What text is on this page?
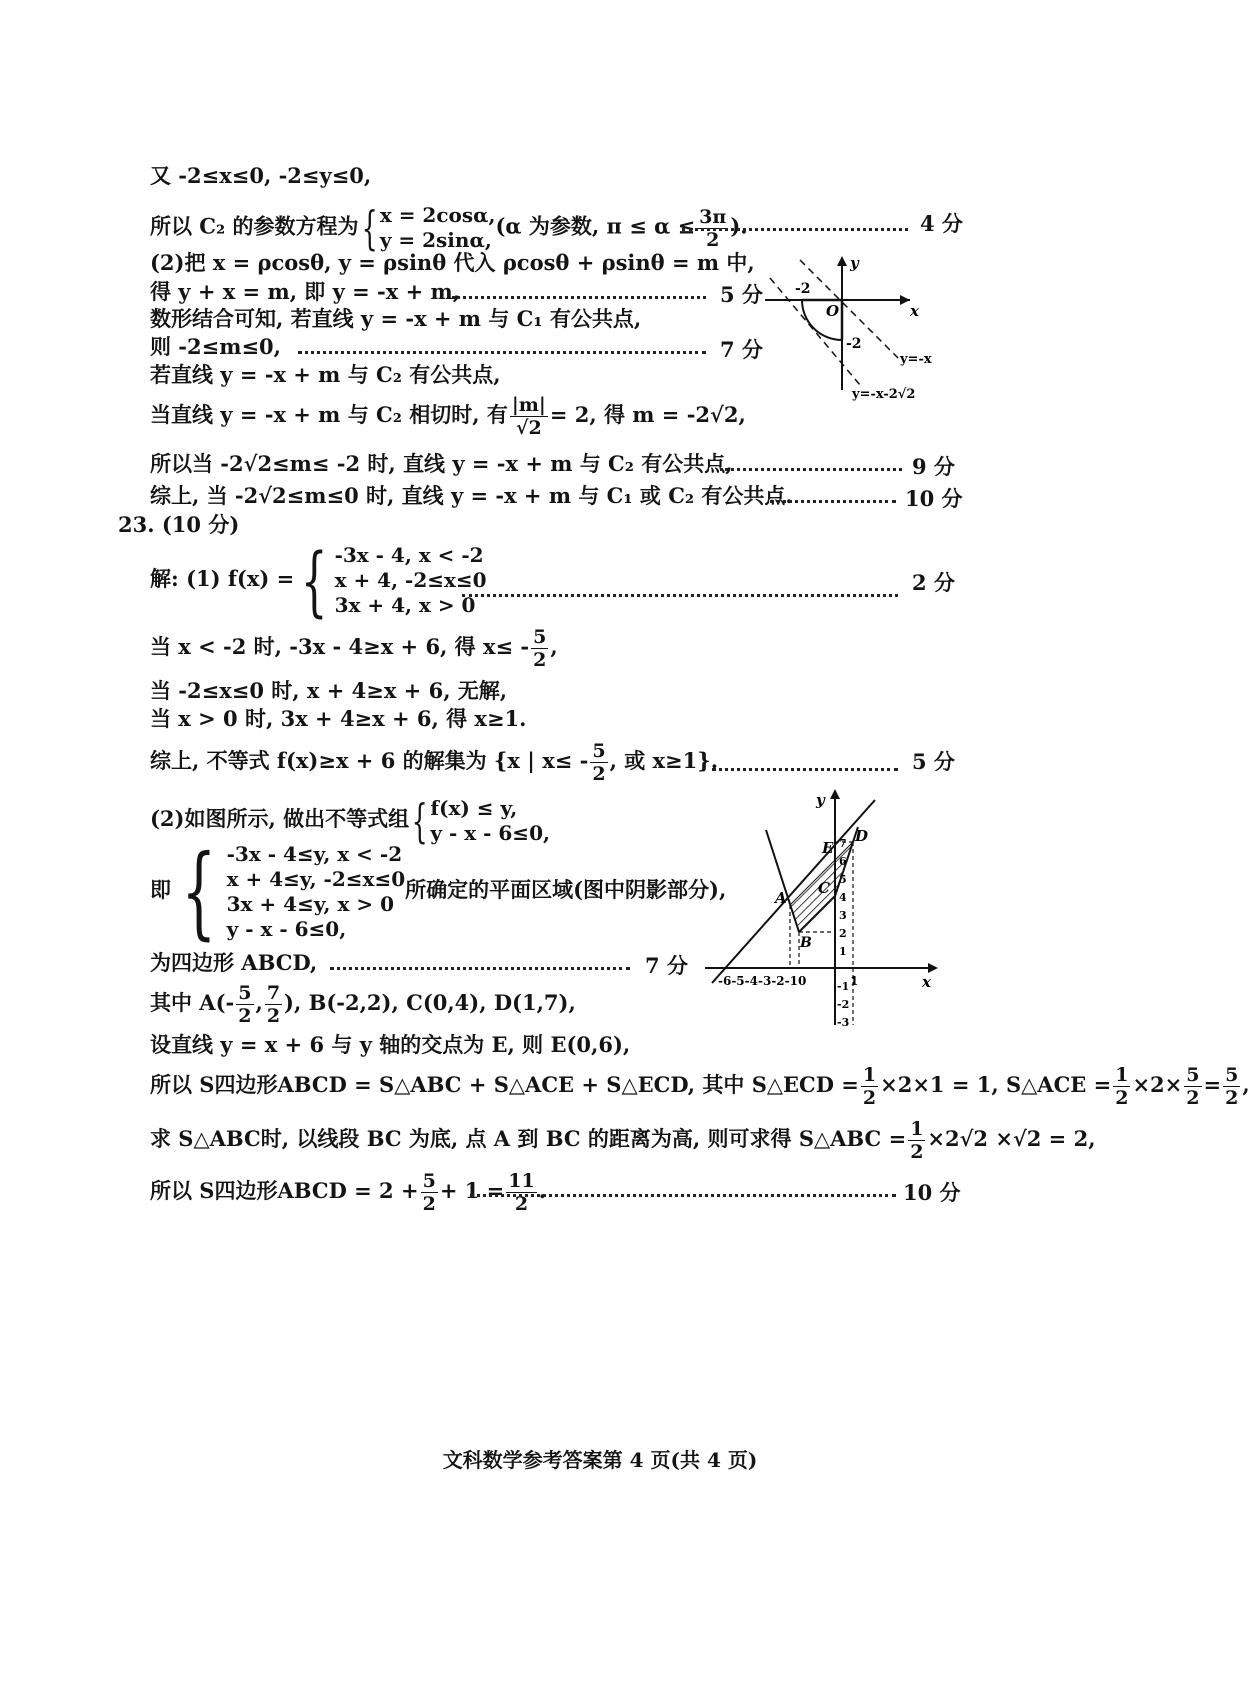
又 -2≤x≤0, -2≤y≤0,
所以 C₂ 的参数方程为{ x = 2cosα,
y = 2sinα,
(α 为参数, $\pi \le \alpha \le \frac{3\pi}{2}$ ).	4 分
(2)把 x = ρcosθ, y = ρsinθ 代入 ρcosθ + ρsinθ = m 中,
得 y + x = m, 即 y = -x + m,	5 分
数形结合可知, 若直线 y = -x + m 与 C₁ 有公共点,
则 -2≤m≤0,	7 分
若直线 y = -x + m 与 C₂ 有公共点,
当直线 y = -x + m 与 C₂ 相切时, 有 $\frac{|m|}{√2} = 2$, 得 m = -2√2,
所以当 -2√2≤m≤ -2 时, 直线 y = -x + m 与 C₂ 有公共点,	9 分
综上, 当 -2√2≤m≤0 时, 直线 y = -x + m 与 C₁ 或 C₂ 有公共点.	10 分
-2
-2
O
y
x
y=-x
y=-x-2√2
23. (10 分)
解: (1) f(x) ={ -3x - 4, x < -2
x + 4, -2≤x≤0
3x + 4, x > 0
2 分
当 x < -2 时, -3x - 4≥x + 6, 得 $x\le - \frac{5}{2}$ ,
当 -2≤x≤0 时, x + 4≥x + 6, 无解,
当 x > 0 时, 3x + 4≥x + 6, 得 x≥1.
综上, 不等式 f(x)≥x + 6 的解集为 {x | $x\le - \frac{5}{2}$ , 或 x≥1}.	5 分
(2)如图所示, 做出不等式组{ f(x) ≤ y,
y - x - 6≤0,
即 { -3x - 4≤y, x < -2
x + 4≤y, -2≤x≤0
3x + 4≤y, x > 0
y - x - 6≤0,
所确定的平面区域(图中阴影部分),
为四边形 ABCD,	7 分
其中 $A(- \frac{5}{2}$ , $\frac{7}{2}$ ), B(-2,2), C(0,4), D(1,7),
设直线 y = x + 6 与 y 轴的交点为 E, 则 E(0,6),
所以 S四边形ABCD = S△ABC + S△ACE + S△ECD, 其中 S△ECD = $\frac{1}{2} \times 2\times 1 = 1$, S△ACE = $\frac{1}{2} \times 2\times \frac{5}{2} = \frac{5}{2}$ ,
求 S△ABC时, 以线段 BC 为底, 点 A 到 BC 的距离为高, 则可求得 S△ABC = $\frac{1}{2} \times 2√2 \times√2 = 2$,
所以 S四边形ABCD = $2 + \frac{5}{2} + 1 = \frac{11}{2}$ .	10 分
y
x
A
B
C
D
E
-6-5-4-3-2-10	1
7
6
5
4
3
2
1
-1
-2
-3
文科数学参考答案第 4 页(共 4 页)
